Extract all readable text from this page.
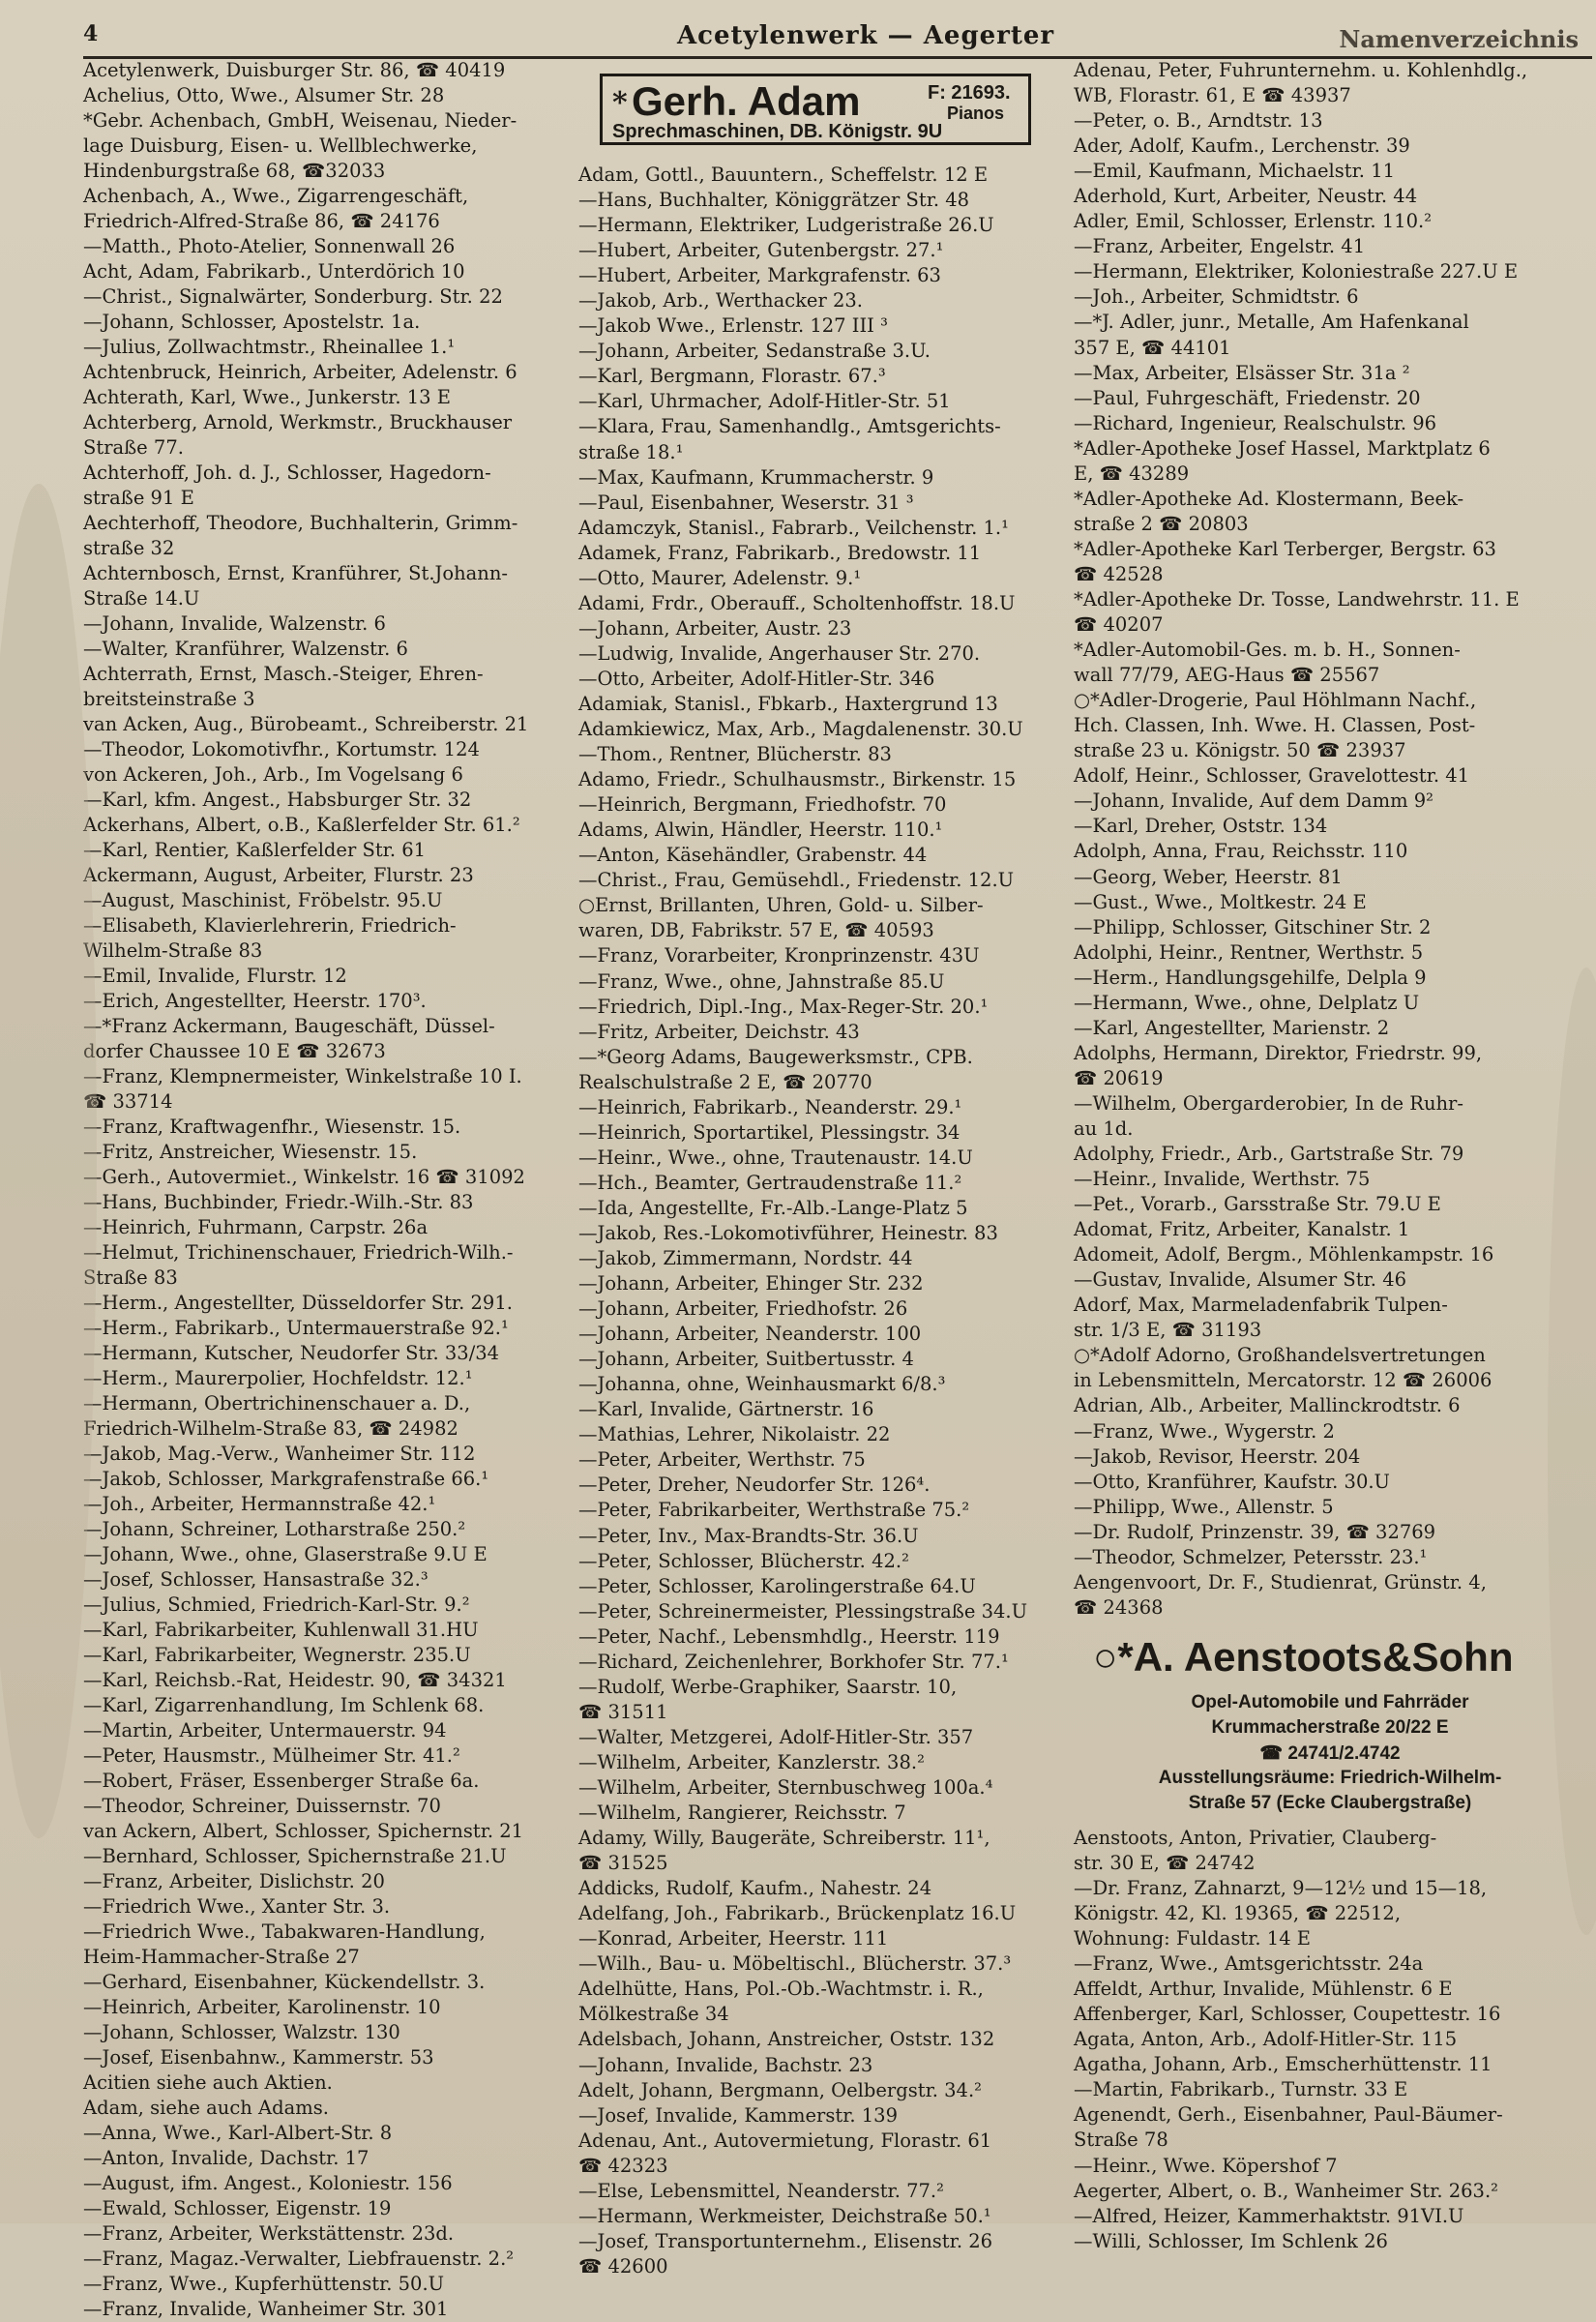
4	Acetylenwerk — Aegerter	Namenverzeichnis
Acetylenwerk, Duisburger Str. 86, ☎ 40419
Achelius, Otto, Wwe., Alsumer Str. 28
*Gebr. Achenbach, GmbH, Weisenau, Nieder-
lage Duisburg, Eisen- u. Wellblechwerke,
Hindenburgstraße 68, ☎32033
Achenbach, A., Wwe., Zigarrengeschäft,
Friedrich-Alfred-Straße 86, ☎ 24176
—Matth., Photo-Atelier, Sonnenwall 26
Acht, Adam, Fabrikarb., Unterdörich 10
—Christ., Signalwärter, Sonderburg. Str. 22
—Johann, Schlosser, Apostelstr. 1a.
—Julius, Zollwachtmstr., Rheinallee 1.¹
Achtenbruck, Heinrich, Arbeiter, Adelenstr. 6
Achterath, Karl, Wwe., Junkerstr. 13 E
Achterberg, Arnold, Werkmstr., Bruckhauser
Straße 77.
Achterhoff, Joh. d. J., Schlosser, Hagedorn-
straße 91 E
Aechterhoff, Theodore, Buchhalterin, Grimm-
straße 32
Achternbosch, Ernst, Kranführer, St.Johann-
Straße 14.U
—Johann, Invalide, Walzenstr. 6
—Walter, Kranführer, Walzenstr. 6
Achterrath, Ernst, Masch.-Steiger, Ehren-
breitsteinstraße 3
van Acken, Aug., Bürobeamt., Schreiberstr. 21
—Theodor, Lokomotivfhr., Kortumstr. 124
von Ackeren, Joh., Arb., Im Vogelsang 6
—Karl, kfm. Angest., Habsburger Str. 32
Ackerhans, Albert, o.B., Kaßlerfelder Str. 61.²
—Karl, Rentier, Kaßlerfelder Str. 61
Ackermann, August, Arbeiter, Flurstr. 23
—August, Maschinist, Fröbelstr. 95.U
—Elisabeth, Klavierlehrerin, Friedrich-
Wilhelm-Straße 83
—Emil, Invalide, Flurstr. 12
—Erich, Angestellter, Heerstr. 170³.
—*Franz Ackermann, Baugeschäft, Düssel-
dorfer Chaussee 10 E ☎ 32673
—Franz, Klempnermeister, Winkelstraße 10 I.
☎ 33714
—Franz, Kraftwagenfhr., Wiesenstr. 15.
—Fritz, Anstreicher, Wiesenstr. 15.
—Gerh., Autovermiet., Winkelstr. 16 ☎ 31092
—Hans, Buchbinder, Friedr.-Wilh.-Str. 83
—Heinrich, Fuhrmann, Carpstr. 26a
—Helmut, Trichinenschauer, Friedrich-Wilh.-
Straße 83
—Herm., Angestellter, Düsseldorfer Str. 291.
—Herm., Fabrikarb., Untermauerstraße 92.¹
—Hermann, Kutscher, Neudorfer Str. 33/34
—Herm., Maurerpolier, Hochfeldstr. 12.¹
—Hermann, Obertrichinenschauer a. D.,
Friedrich-Wilhelm-Straße 83, ☎ 24982
—Jakob, Mag.-Verw., Wanheimer Str. 112
—Jakob, Schlosser, Markgrafenstraße 66.¹
—Joh., Arbeiter, Hermannstraße 42.¹
—Johann, Schreiner, Lotharstraße 250.²
—Johann, Wwe., ohne, Glaserstraße 9.U E
—Josef, Schlosser, Hansastraße 32.³
—Julius, Schmied, Friedrich-Karl-Str. 9.²
—Karl, Fabrikarbeiter, Kuhlenwall 31.HU
—Karl, Fabrikarbeiter, Wegnerstr. 235.U
—Karl, Reichsb.-Rat, Heidestr. 90, ☎ 34321
—Karl, Zigarrenhandlung, Im Schlenk 68.
—Martin, Arbeiter, Untermauerstr. 94
—Peter, Hausmstr., Mülheimer Str. 41.²
—Robert, Fräser, Essenberger Straße 6a.
—Theodor, Schreiner, Duissernstr. 70
van Ackern, Albert, Schlosser, Spichernstr. 21
—Bernhard, Schlosser, Spichernstraße 21.U
—Franz, Arbeiter, Dislichstr. 20
—Friedrich Wwe., Xanter Str. 3.
—Friedrich Wwe., Tabakwaren-Handlung,
Heim-Hammacher-Straße 27
—Gerhard, Eisenbahner, Kückendellstr. 3.
—Heinrich, Arbeiter, Karolinenstr. 10
—Johann, Schlosser, Walzstr. 130
—Josef, Eisenbahnw., Kammerstr. 53
Acitien siehe auch Aktien.
Adam, siehe auch Adams.
—Anna, Wwe., Karl-Albert-Str. 8
—Anton, Invalide, Dachstr. 17
—August, ifm. Angest., Koloniestr. 156
—Ewald, Schlosser, Eigenstr. 19
—Franz, Arbeiter, Werkstättenstr. 23d.
—Franz, Magaz.-Verwalter, Liebfrauenstr. 2.²
—Franz, Wwe., Kupferhüttenstr. 50.U
—Franz, Invalide, Wanheimer Str. 301
* Gerh. Adam	F: 21693.
Pianos
Sprechmaschinen, DB. Königstr. 9U
Adam, Gottl., Bauuntern., Scheffelstr. 12 E
—Hans, Buchhalter, Königgrätzer Str. 48
—Hermann, Elektriker, Ludgeristraße 26.U
—Hubert, Arbeiter, Gutenbergstr. 27.¹
—Hubert, Arbeiter, Markgrafenstr. 63
—Jakob, Arb., Werthacker 23.
—Jakob Wwe., Erlenstr. 127 III ³
—Johann, Arbeiter, Sedanstraße 3.U.
—Karl, Bergmann, Florastr. 67.³
—Karl, Uhrmacher, Adolf-Hitler-Str. 51
—Klara, Frau, Samenhandlg., Amtsgerichts-
straße 18.¹
—Max, Kaufmann, Krummacherstr. 9
—Paul, Eisenbahner, Weserstr. 31 ³
Adamczyk, Stanisl., Fabrarb., Veilchenstr. 1.¹
Adamek, Franz, Fabrikarb., Bredowstr. 11
—Otto, Maurer, Adelenstr. 9.¹
Adami, Frdr., Oberauff., Scholtenhoffstr. 18.U
—Johann, Arbeiter, Austr. 23
—Ludwig, Invalide, Angerhauser Str. 270.
—Otto, Arbeiter, Adolf-Hitler-Str. 346
Adamiak, Stanisl., Fbkarb., Haxtergrund 13
Adamkiewicz, Max, Arb., Magdalenenstr. 30.U
—Thom., Rentner, Blücherstr. 83
Adamo, Friedr., Schulhausmstr., Birkenstr. 15
—Heinrich, Bergmann, Friedhofstr. 70
Adams, Alwin, Händler, Heerstr. 110.¹
—Anton, Käsehändler, Grabenstr. 44
—Christ., Frau, Gemüsehdl., Friedenstr. 12.U
○Ernst, Brillanten, Uhren, Gold- u. Silber-
waren, DB, Fabrikstr. 57 E, ☎ 40593
—Franz, Vorarbeiter, Kronprinzenstr. 43U
—Franz, Wwe., ohne, Jahnstraße 85.U
—Friedrich, Dipl.-Ing., Max-Reger-Str. 20.¹
—Fritz, Arbeiter, Deichstr. 43
—*Georg Adams, Baugewerksmstr., CPB.
Realschulstraße 2 E, ☎ 20770
—Heinrich, Fabrikarb., Neanderstr. 29.¹
—Heinrich, Sportartikel, Plessingstr. 34
—Heinr., Wwe., ohne, Trautenaustr. 14.U
—Hch., Beamter, Gertraudenstraße 11.²
—Ida, Angestellte, Fr.-Alb.-Lange-Platz 5
—Jakob, Res.-Lokomotivführer, Heinestr. 83
—Jakob, Zimmermann, Nordstr. 44
—Johann, Arbeiter, Ehinger Str. 232
—Johann, Arbeiter, Friedhofstr. 26
—Johann, Arbeiter, Neanderstr. 100
—Johann, Arbeiter, Suitbertusstr. 4
—Johanna, ohne, Weinhausmarkt 6/8.³
—Karl, Invalide, Gärtnerstr. 16
—Mathias, Lehrer, Nikolaistr. 22
—Peter, Arbeiter, Werthstr. 75
—Peter, Dreher, Neudorfer Str. 126⁴.
—Peter, Fabrikarbeiter, Werthstraße 75.²
—Peter, Inv., Max-Brandts-Str. 36.U
—Peter, Schlosser, Blücherstr. 42.²
—Peter, Schlosser, Karolingerstraße 64.U
—Peter, Schreinermeister, Plessingstraße 34.U
—Peter, Nachf., Lebensmhdlg., Heerstr. 119
—Richard, Zeichenlehrer, Borkhofer Str. 77.¹
—Rudolf, Werbe-Graphiker, Saarstr. 10,
☎ 31511
—Walter, Metzgerei, Adolf-Hitler-Str. 357
—Wilhelm, Arbeiter, Kanzlerstr. 38.²
—Wilhelm, Arbeiter, Sternbuschweg 100a.⁴
—Wilhelm, Rangierer, Reichsstr. 7
Adamy, Willy, Baugeräte, Schreiberstr. 11¹,
☎ 31525
Addicks, Rudolf, Kaufm., Nahestr. 24
Adelfang, Joh., Fabrikarb., Brückenplatz 16.U
—Konrad, Arbeiter, Heerstr. 111
—Wilh., Bau- u. Möbeltischl., Blücherstr. 37.³
Adelhütte, Hans, Pol.-Ob.-Wachtmstr. i. R.,
Mölkestraße 34
Adelsbach, Johann, Anstreicher, Oststr. 132
—Johann, Invalide, Bachstr. 23
Adelt, Johann, Bergmann, Oelbergstr. 34.²
—Josef, Invalide, Kammerstr. 139
Adenau, Ant., Autovermietung, Florastr. 61
☎ 42323
—Else, Lebensmittel, Neanderstr. 77.²
—Hermann, Werkmeister, Deichstraße 50.¹
—Josef, Transportunternehm., Elisenstr. 26
☎ 42600
Adenau, Peter, Fuhrunternehm. u. Kohlenhdlg.,
WB, Florastr. 61, E ☎ 43937
—Peter, o. B., Arndtstr. 13
Ader, Adolf, Kaufm., Lerchenstr. 39
—Emil, Kaufmann, Michaelstr. 11
Aderhold, Kurt, Arbeiter, Neustr. 44
Adler, Emil, Schlosser, Erlenstr. 110.²
—Franz, Arbeiter, Engelstr. 41
—Hermann, Elektriker, Koloniestraße 227.U E
—Joh., Arbeiter, Schmidtstr. 6
—*J. Adler, junr., Metalle, Am Hafenkanal
357 E, ☎ 44101
—Max, Arbeiter, Elsässer Str. 31a ²
—Paul, Fuhrgeschäft, Friedenstr. 20
—Richard, Ingenieur, Realschulstr. 96
*Adler-Apotheke Josef Hassel, Marktplatz 6
E, ☎ 43289
*Adler-Apotheke Ad. Klostermann, Beek-
straße 2 ☎ 20803
*Adler-Apotheke Karl Terberger, Bergstr. 63
☎ 42528
*Adler-Apotheke Dr. Tosse, Landwehrstr. 11. E
☎ 40207
*Adler-Automobil-Ges. m. b. H., Sonnen-
wall 77/79, AEG-Haus ☎ 25567
○*Adler-Drogerie, Paul Höhlmann Nachf.,
Hch. Classen, Inh. Wwe. H. Classen, Post-
straße 23 u. Königstr. 50 ☎ 23937
Adolf, Heinr., Schlosser, Gravelottestr. 41
—Johann, Invalide, Auf dem Damm 9²
—Karl, Dreher, Oststr. 134
Adolph, Anna, Frau, Reichsstr. 110
—Georg, Weber, Heerstr. 81
—Gust., Wwe., Moltkestr. 24 E
—Philipp, Schlosser, Gitschiner Str. 2
Adolphi, Heinr., Rentner, Werthstr. 5
—Herm., Handlungsgehilfe, Delpla 9
—Hermann, Wwe., ohne, Delplatz U
—Karl, Angestellter, Marienstr. 2
Adolphs, Hermann, Direktor, Friedrstr. 99,
☎ 20619
—Wilhelm, Obergarderobier, In de Ruhr-
au 1d.
Adolphy, Friedr., Arb., Gartstraße Str. 79
—Heinr., Invalide, Werthstr. 75
—Pet., Vorarb., Garsstraße Str. 79.U E
Adomat, Fritz, Arbeiter, Kanalstr. 1
Adomeit, Adolf, Bergm., Möhlenkampstr. 16
—Gustav, Invalide, Alsumer Str. 46
Adorf, Max, Marmeladenfabrik Tulpen-
str. 1/3 E, ☎ 31193
○*Adolf Adorno, Großhandelsvertretungen
in Lebensmitteln, Mercatorstr. 12 ☎ 26006
Adrian, Alb., Arbeiter, Mallinckrodtstr. 6
—Franz, Wwe., Wygerstr. 2
—Jakob, Revisor, Heerstr. 204
—Otto, Kranführer, Kaufstr. 30.U
—Philipp, Wwe., Allenstr. 5
—Dr. Rudolf, Prinzenstr. 39, ☎ 32769
—Theodor, Schmelzer, Petersstr. 23.¹
Aengenvoort, Dr. F., Studienrat, Grünstr. 4,
☎ 24368
○*A. Aenstoots&Sohn
Opel-Automobile und Fahrräder
Krummacherstraße 20/22 E
☎ 24741/2.4742
Ausstellungsräume: Friedrich-Wilhelm-
Straße 57 (Ecke Claubergstraße)
Aenstoots, Anton, Privatier, Clauberg-
str. 30 E, ☎ 24742
—Dr. Franz, Zahnarzt, 9—12½ und 15—18,
Königstr. 42, Kl. 19365, ☎ 22512,
Wohnung: Fuldastr. 14 E
—Franz, Wwe., Amtsgerichtsstr. 24a
Affeldt, Arthur, Invalide, Mühlenstr. 6 E
Affenberger, Karl, Schlosser, Coupettestr. 16
Agata, Anton, Arb., Adolf-Hitler-Str. 115
Agatha, Johann, Arb., Emscherhüttenstr. 11
—Martin, Fabrikarb., Turnstr. 33 E
Agenendt, Gerh., Eisenbahner, Paul-Bäumer-
Straße 78
—Heinr., Wwe. Köpershof 7
Aegerter, Albert, o. B., Wanheimer Str. 263.²
—Alfred, Heizer, Kammerhaktstr. 91VI.U
—Willi, Schlosser, Im Schlenk 26
